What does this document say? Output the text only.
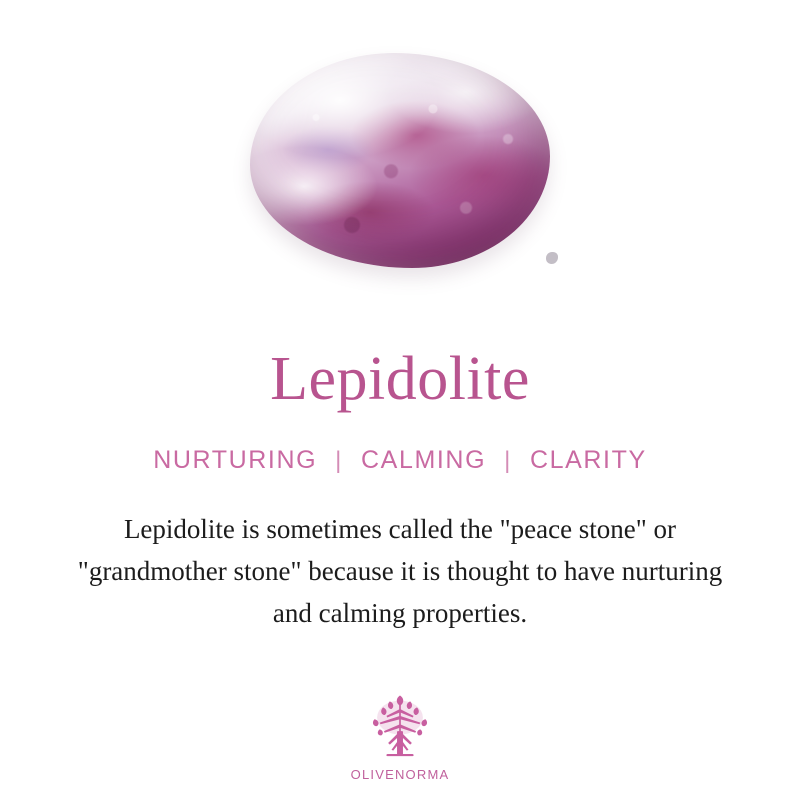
Lepidolite
NURTURING | CALMING | CLARITY
Lepidolite is sometimes called the "peace stone" or "grandmother stone" because it is thought to have nurturing and calming properties.
OLIVENORMA
